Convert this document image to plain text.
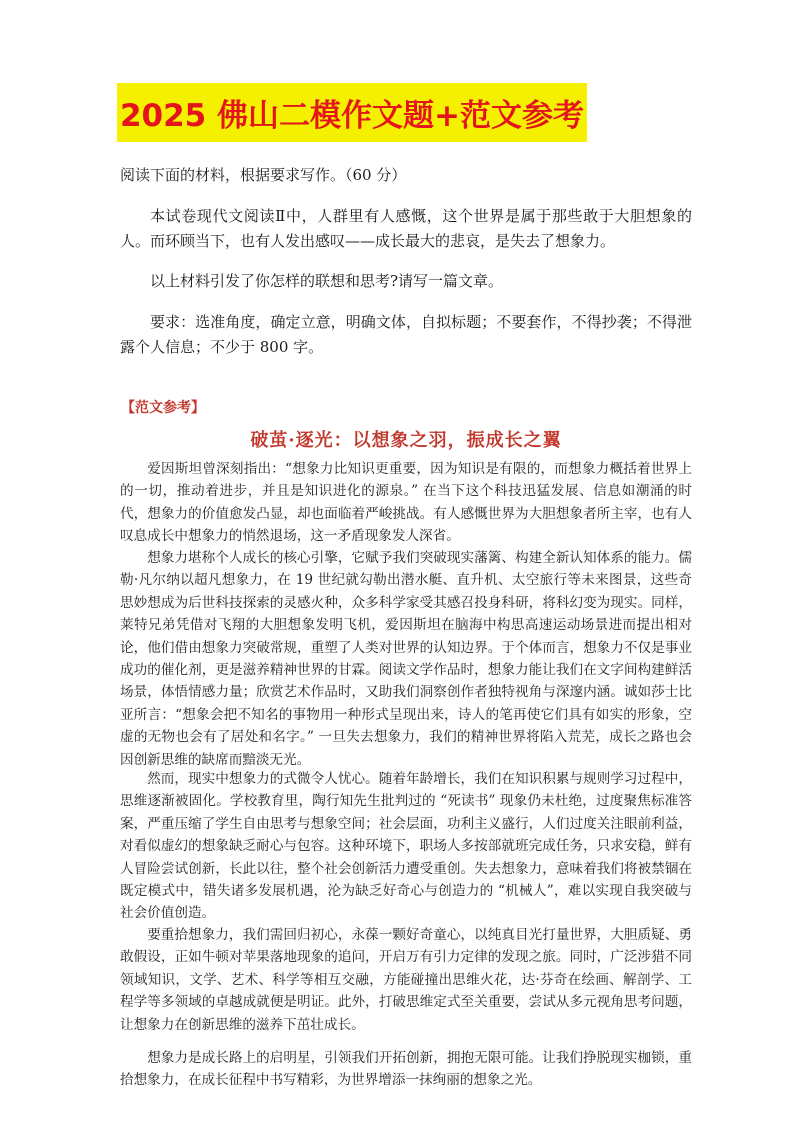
2025 佛山二模作文题+范文参考

阅读下面的材料，根据要求写作。（60 分）

本试卷现代文阅读Ⅱ中，人群里有人感慨，这个世界是属于那些敢于大胆想象的人。而环顾当下，也有人发出感叹——成长最大的悲哀，是失去了想象力。

以上材料引发了你怎样的联想和思考?请写一篇文章。

要求：选准角度，确定立意，明确文体，自拟标题；不要套作，不得抄袭；不得泄露个人信息；不少于 800 字。

【范文参考】
破茧·逐光：以想象之羽，振成长之翼

爱因斯坦曾深刻指出：“想象力比知识更重要，因为知识是有限的，而想象力概括着世界上的一切，推动着进步，并且是知识进化的源泉。” 在当下这个科技迅猛发展、信息如潮涌的时代，想象力的价值愈发凸显，却也面临着严峻挑战。有人感慨世界为大胆想象者所主宰，也有人叹息成长中想象力的悄然退场，这一矛盾现象发人深省。

想象力堪称个人成长的核心引擎，它赋予我们突破现实藩篱、构建全新认知体系的能力。儒勒·凡尔纳以超凡想象力，在 19 世纪就勾勒出潜水艇、直升机、太空旅行等未来图景，这些奇思妙想成为后世科技探索的灵感火种，众多科学家受其感召投身科研，将科幻变为现实。同样，莱特兄弟凭借对飞翔的大胆想象发明飞机，爱因斯坦在脑海中构思高速运动场景进而提出相对论，他们借由想象力突破常规，重塑了人类对世界的认知边界。于个体而言，想象力不仅是事业成功的催化剂，更是滋养精神世界的甘霖。阅读文学作品时，想象力能让我们在文字间构建鲜活场景，体悟情感力量；欣赏艺术作品时，又助我们洞察创作者独特视角与深邃内涵。诚如莎士比亚所言：“想象会把不知名的事物用一种形式呈现出来，诗人的笔再使它们具有如实的形象，空虚的无物也会有了居处和名字。” 一旦失去想象力，我们的精神世界将陷入荒芜，成长之路也会因创新思维的缺席而黯淡无光。

然而，现实中想象力的式微令人忧心。随着年龄增长，我们在知识积累与规则学习过程中，思维逐渐被固化。学校教育里，陶行知先生批判过的 “死读书” 现象仍未杜绝，过度聚焦标准答案，严重压缩了学生自由思考与想象空间；社会层面，功利主义盛行，人们过度关注眼前利益，对看似虚幻的想象缺乏耐心与包容。这种环境下，职场人多按部就班完成任务，只求安稳，鲜有人冒险尝试创新，长此以往，整个社会创新活力遭受重创。失去想象力，意味着我们将被禁锢在既定模式中，错失诸多发展机遇，沦为缺乏好奇心与创造力的 “机械人”，难以实现自我突破与社会价值创造。

要重拾想象力，我们需回归初心，永葆一颗好奇童心，以纯真目光打量世界，大胆质疑、勇敢假设，正如牛顿对苹果落地现象的追问，开启万有引力定律的发现之旅。同时，广泛涉猎不同领域知识，文学、艺术、科学等相互交融，方能碰撞出思维火花，达·芬奇在绘画、解剖学、工程学等多领域的卓越成就便是明证。此外，打破思维定式至关重要，尝试从多元视角思考问题，让想象力在创新思维的滋养下茁壮成长。

想象力是成长路上的启明星，引领我们开拓创新，拥抱无限可能。让我们挣脱现实枷锁，重拾想象力，在成长征程中书写精彩，为世界增添一抹绚丽的想象之光。
